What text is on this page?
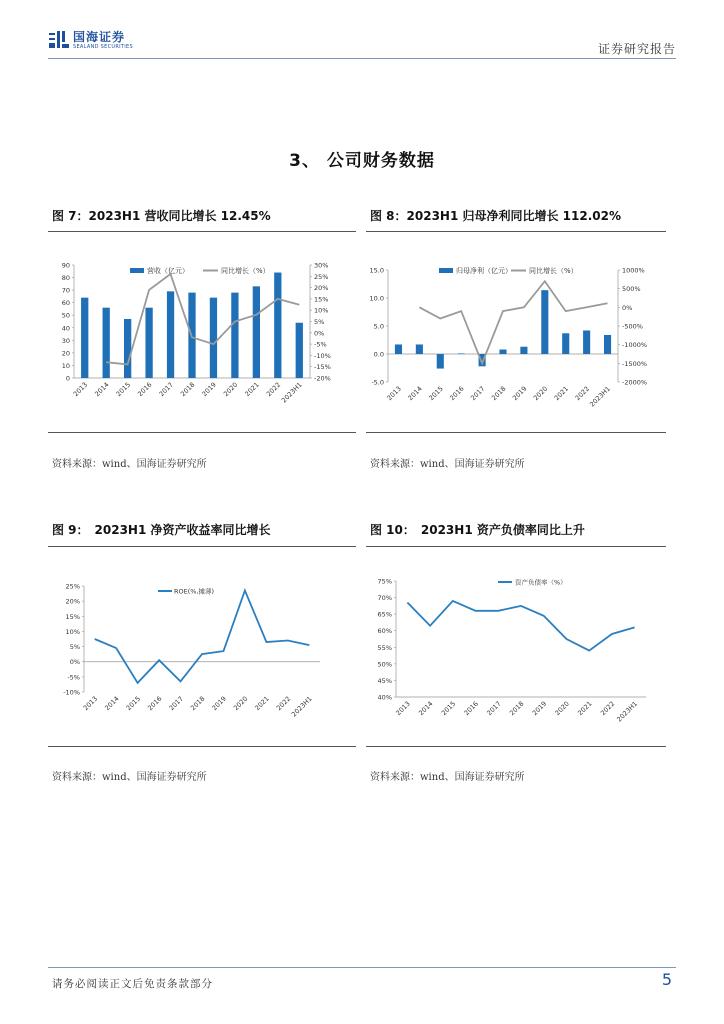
国海证券
SEALAND SECURITIES	证券研究报告
3、 公司财务数据
图 7：2023H1 营收同比增长 12.45%	图 8：2023H1 归母净利同比增长 112.02%
营收（亿元）	同比增长（%）
0
10
20
30
40
50
60
70
80
90	30%
25%
20%
15%
10%
5%
0%
-5%
-10%
-15%
-20%
2013 2014 2015 2016 2017 2018 2019 2020 2021 2022
2023H1
归母净利（亿元） 同比增长（%）
15.0
10.0
5.0
0.0
-5.0
1000%
500%
0%
-500%
-1000%
-1500%
-2000%
2013 2014 2015 2016 2017 2018 2019 2020 2021 2022
2023H1
资料来源：wind、国海证券研究所	资料来源：wind、国海证券研究所
图 9：　2023H1 净资产收益率同比增长	图 10：　2023H1 资产负债率同比上升
ROE(%,摊薄)
25%
20%
15%
10%
5%
0%
-5%
-10%
2013 2014 2015 2016 2017 2018 2019 2020 2021 2022
2023H1
资产负债率（%）
75%
70%
65%
60%
55%
50%
45%
40%
2013 2014 2015 2016 2017 2018 2019 2020 2021 2022
2023H1
资料来源：wind、国海证券研究所	资料来源：wind、国海证券研究所
请务必阅读正文后免责条款部分	5
